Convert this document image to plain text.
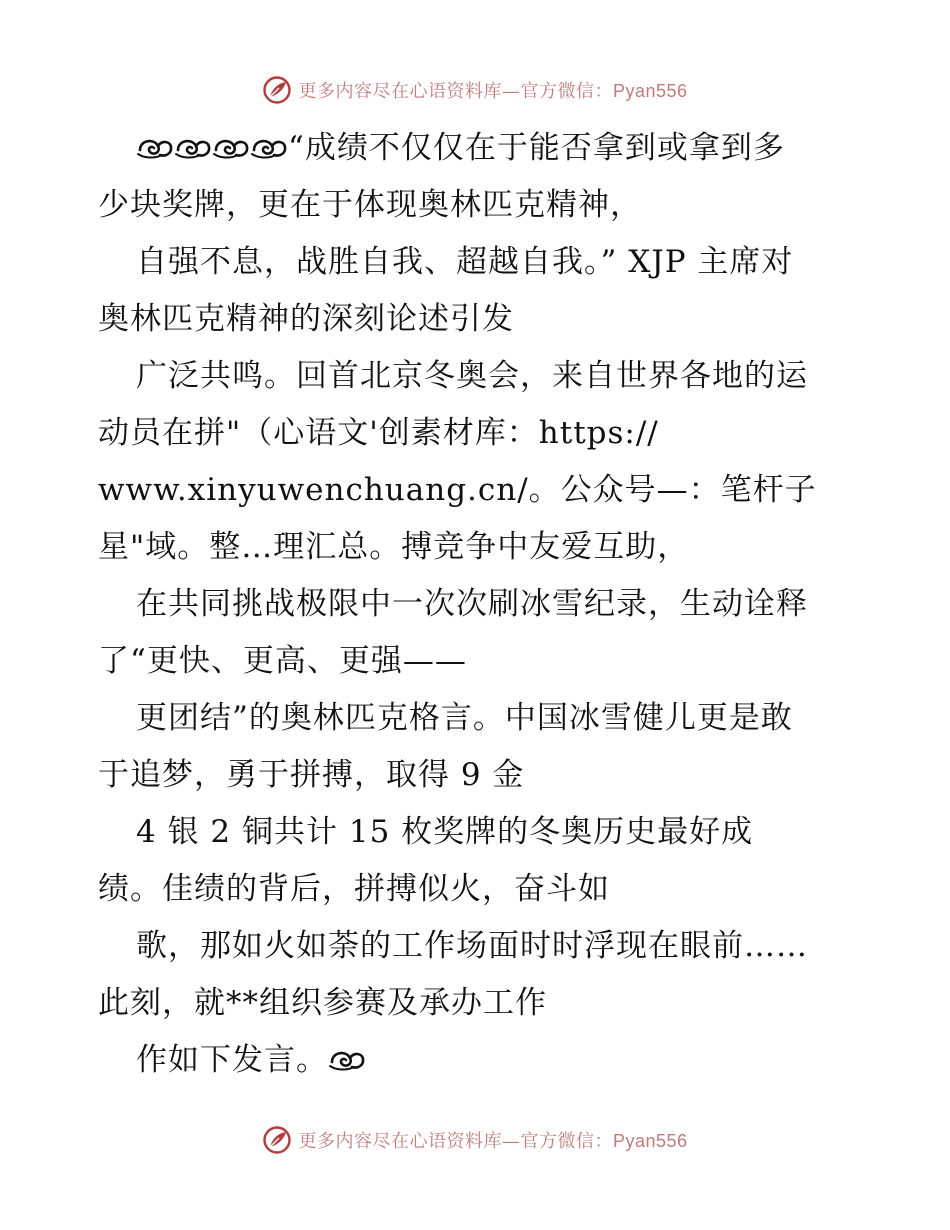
更多内容尽在心语资料库—官方微信：Pyan556
“成绩不仅仅在于能否拿到或拿到多
少块奖牌，更在于体现奥林匹克精神，
自强不息，战胜自我、超越自我。” XJP 主席对
奥林匹克精神的深刻论述引发
广泛共鸣。回首北京冬奥会，来自世界各地的运
动员在拼"（心语文'创素材库：https://
www.xinyuwenchuang.cn/。公众号—：笔杆子
星"域。整…理汇总。搏竞争中友爱互助，
在共同挑战极限中一次次刷冰雪纪录，生动诠释
了“更快、更高、更强——
更团结”的奥林匹克格言。中国冰雪健儿更是敢
于追梦，勇于拼搏，取得 9 金
4 银 2 铜共计 15 枚奖牌的冬奥历史最好成
绩。佳绩的背后，拼搏似火，奋斗如
歌，那如火如荼的工作场面时时浮现在眼前……
此刻，就**组织参赛及承办工作
作如下发言。
更多内容尽在心语资料库—官方微信：Pyan556
